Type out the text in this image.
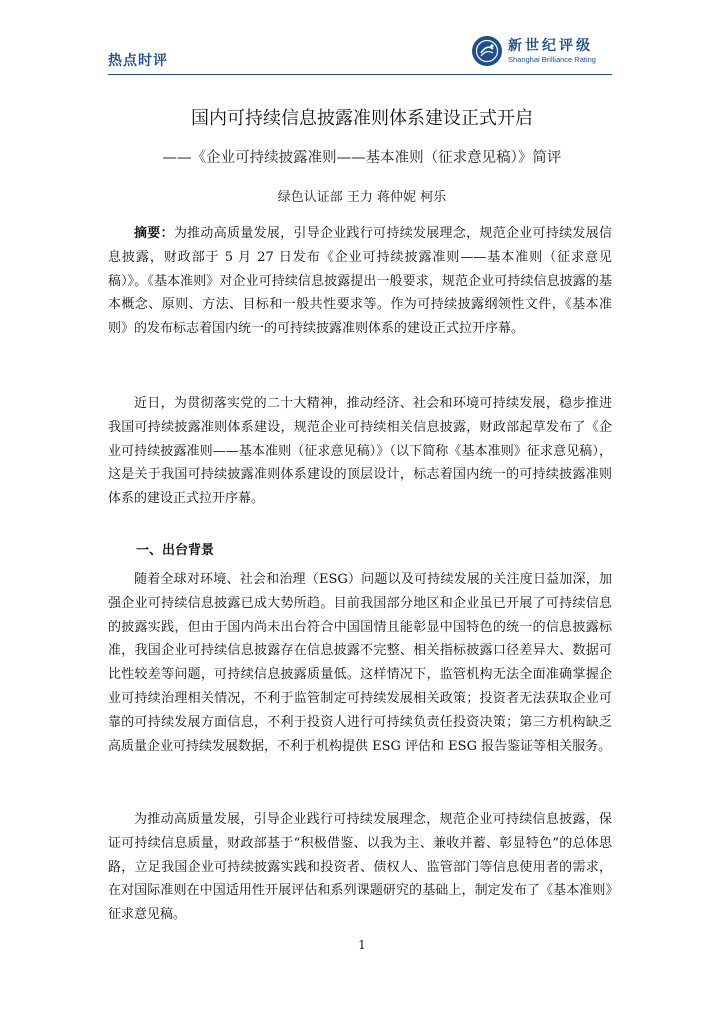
热点时评
新世纪评级
Shanghai Brilliance Rating
国内可持续信息披露准则体系建设正式开启
——《企业可持续披露准则——基本准则（征求意见稿）》简评
绿色认证部 王力 蒋仲妮 柯乐

摘要：为推动高质量发展，引导企业践行可持续发展理念，规范企业可持续发展信息披露，财政部于 5 月 27 日发布《企业可持续披露准则——基本准则（征求意见稿）》。《基本准则》对企业可持续信息披露提出一般要求，规范企业可持续信息披露的基本概念、原则、方法、目标和一般共性要求等。作为可持续披露纲领性文件，《基本准则》的发布标志着国内统一的可持续披露准则体系的建设正式拉开序幕。

近日，为贯彻落实党的二十大精神，推动经济、社会和环境可持续发展，稳步推进我国可持续披露准则体系建设，规范企业可持续相关信息披露，财政部起草发布了《企业可持续披露准则——基本准则（征求意见稿）》（以下简称《基本准则》征求意见稿），这是关于我国可持续披露准则体系建设的顶层设计，标志着国内统一的可持续披露准则体系的建设正式拉开序幕。

一、出台背景

随着全球对环境、社会和治理（ESG）问题以及可持续发展的关注度日益加深，加强企业可持续信息披露已成大势所趋。目前我国部分地区和企业虽已开展了可持续信息的披露实践，但由于国内尚未出台符合中国国情且能彰显中国特色的统一的信息披露标准，我国企业可持续信息披露存在信息披露不完整、相关指标披露口径差异大、数据可比性较差等问题，可持续信息披露质量低。这样情况下，监管机构无法全面准确掌握企业可持续治理相关情况，不利于监管制定可持续发展相关政策；投资者无法获取企业可靠的可持续发展方面信息，不利于投资人进行可持续负责任投资决策；第三方机构缺乏高质量企业可持续发展数据，不利于机构提供 ESG 评估和 ESG 报告鉴证等相关服务。

为推动高质量发展，引导企业践行可持续发展理念，规范企业可持续信息披露，保证可持续信息质量，财政部基于“积极借鉴、以我为主、兼收并蓄、彰显特色”的总体思路，立足我国企业可持续披露实践和投资者、债权人、监管部门等信息使用者的需求，在对国际准则在中国适用性开展评估和系列课题研究的基础上，制定发布了《基本准则》征求意见稿。

1
